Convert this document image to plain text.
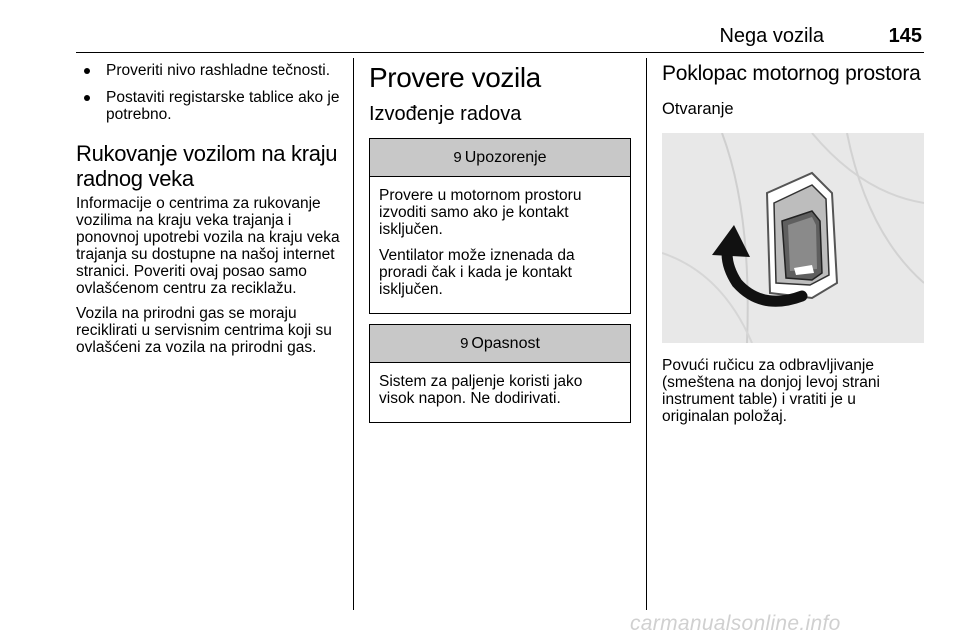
Nega vozila	145
Proveriti nivo rashladne tečnosti.
Postaviti registarske tablice ako je potrebno.
Rukovanje vozilom na kraju radnog veka

Informacije o centrima za rukovanje vozilima na kraju veka trajanja i ponovnoj upotrebi vozila na kraju veka trajanja su dostupne na našoj internet stranici. Poveriti ovaj posao samo ovlašćenom centru za reciklažu.

Vozila na prirodni gas se moraju reciklirati u servisnim centrima koji su ovlašćeni za vozila na prirodni gas.

Provere vozila
Izvođenje radova
9 Upozorenje

Provere u motornom prostoru izvoditi samo ako je kontakt isključen.

Ventilator može iznenada da proradi čak i kada je kontakt isključen.

9 Opasnost

Sistem za paljenje koristi jako visok napon. Ne dodirivati.

Poklopac motornog prostora
Otvaranje

Povući ručicu za odbravljivanje (smeštena na donjoj levoj strani instrument table) i vratiti je u originalan položaj.

carmanualsonline.info
